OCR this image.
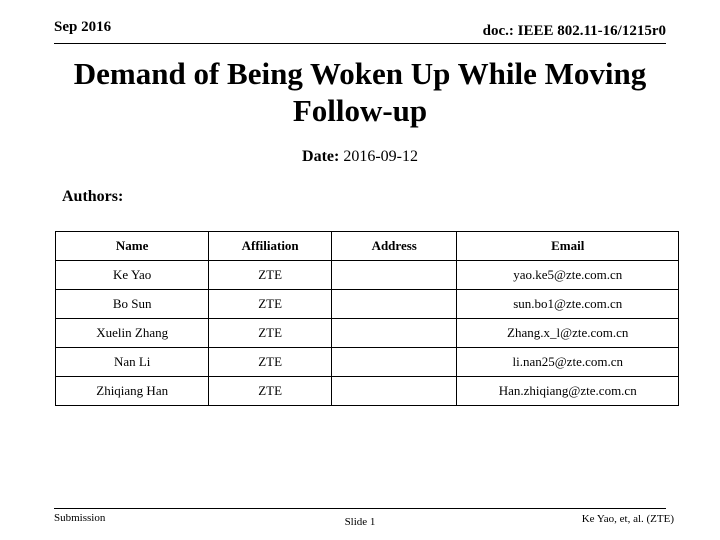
Sep 2016	doc.: IEEE 802.11-16/1215r0
Demand of Being Woken Up While Moving
Follow-up
Date: 2016-09-12
Authors:
Name	Affiliation	Address	Email
Ke Yao	ZTE		yao.ke5@zte.com.cn
Bo Sun	ZTE		sun.bo1@zte.com.cn
Xuelin Zhang	ZTE		Zhang.x_l@zte.com.cn
Nan Li	ZTE		li.nan25@zte.com.cn
Zhiqiang Han	ZTE		Han.zhiqiang@zte.com.cn
Submission	Slide 1	Ke Yao, et, al. (ZTE)
